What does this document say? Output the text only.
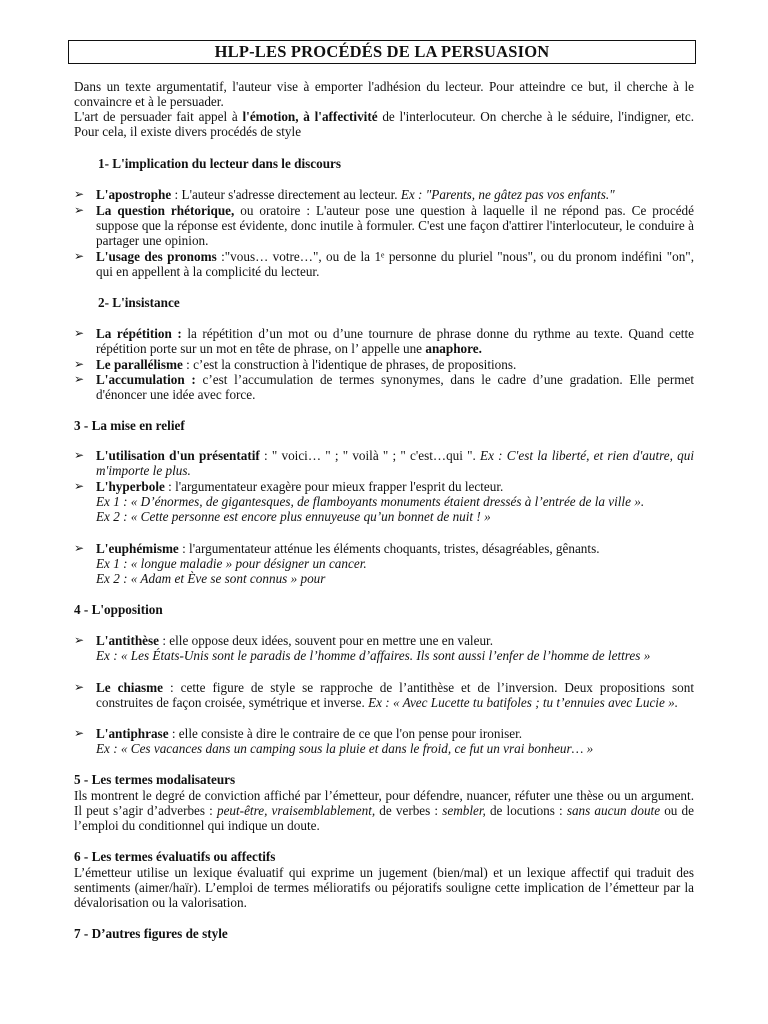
HLP-LES PROCÉDÉS DE LA PERSUASION
Dans un texte argumentatif, l'auteur vise à emporter l'adhésion du lecteur. Pour atteindre ce but, il cherche à le convaincre et à le persuader.
L'art de persuader fait appel à l'émotion, à l'affectivité de l'interlocuteur. On cherche à le séduire, l'indigner, etc. Pour cela, il existe divers procédés de style
1- L'implication du lecteur dans le discours
➢ L'apostrophe : L'auteur s'adresse directement au lecteur. Ex : "Parents, ne gâtez pas vos enfants."
➢ La question rhétorique, ou oratoire : L'auteur pose une question à laquelle il ne répond pas. Ce procédé suppose que la réponse est évidente, donc inutile à formuler. C'est une façon d'attirer l'interlocuteur, le conduire à partager une opinion.
➢ L'usage des pronoms :"vous… votre…", ou de la 1ᵉ personne du pluriel "nous", ou du pronom indéfini "on", qui en appellent à la complicité du lecteur.
2- L'insistance
➢ La répétition : la répétition d’un mot ou d’une tournure de phrase donne du rythme au texte. Quand cette répétition porte sur un mot en tête de phrase, on l’ appelle une anaphore.
➢ Le parallélisme : c’est la construction à l'identique de phrases, de propositions.
➢ L'accumulation : c’est l’accumulation de termes synonymes, dans le cadre d’une gradation. Elle permet d'énoncer une idée avec force.
3 - La mise en relief
➢ L'utilisation d'un présentatif : " voici… " ; " voilà " ; " c'est…qui ". Ex : C'est la liberté, et rien d'autre, qui m'importe le plus.
➢ L'hyperbole : l'argumentateur exagère pour mieux frapper l'esprit du lecteur.
Ex 1 : « D’énormes, de gigantesques, de flamboyants monuments étaient dressés à l’entrée de la ville ».
Ex 2 : « Cette personne est encore plus ennuyeuse qu’un bonnet de nuit ! »
➢ L'euphémisme : l'argumentateur atténue les éléments choquants, tristes, désagréables, gênants.
Ex 1 : « longue maladie » pour désigner un cancer.
Ex 2 : « Adam et Ève se sont connus » pour
4 - L'opposition
➢ L'antithèse : elle oppose deux idées, souvent pour en mettre une en valeur.
Ex : « Les États-Unis sont le paradis de l’homme d’affaires. Ils sont aussi l’enfer de l’homme de lettres »
➢ Le chiasme : cette figure de style se rapproche de l’antithèse et de l’inversion. Deux propositions sont construites de façon croisée, symétrique et inverse. Ex : « Avec Lucette tu batifoles ; tu t’ennuies avec Lucie ».
➢ L'antiphrase : elle consiste à dire le contraire de ce que l'on pense pour ironiser.
Ex : « Ces vacances dans un camping sous la pluie et dans le froid, ce fut un vrai bonheur… »
5 - Les termes modalisateurs
Ils montrent le degré de conviction affiché par l’émetteur, pour défendre, nuancer, réfuter une thèse ou un argument. Il peut s’agir d’adverbes : peut-être, vraisemblablement, de verbes : sembler, de locutions : sans aucun doute ou de l’emploi du conditionnel qui indique un doute.
6 - Les termes évaluatifs ou affectifs
L’émetteur utilise un lexique évaluatif qui exprime un jugement (bien/mal) et un lexique affectif qui traduit des sentiments (aimer/haïr). L’emploi de termes mélioratifs ou péjoratifs souligne cette implication de l’émetteur par la dévalorisation ou la valorisation.
7 - D’autres figures de style
